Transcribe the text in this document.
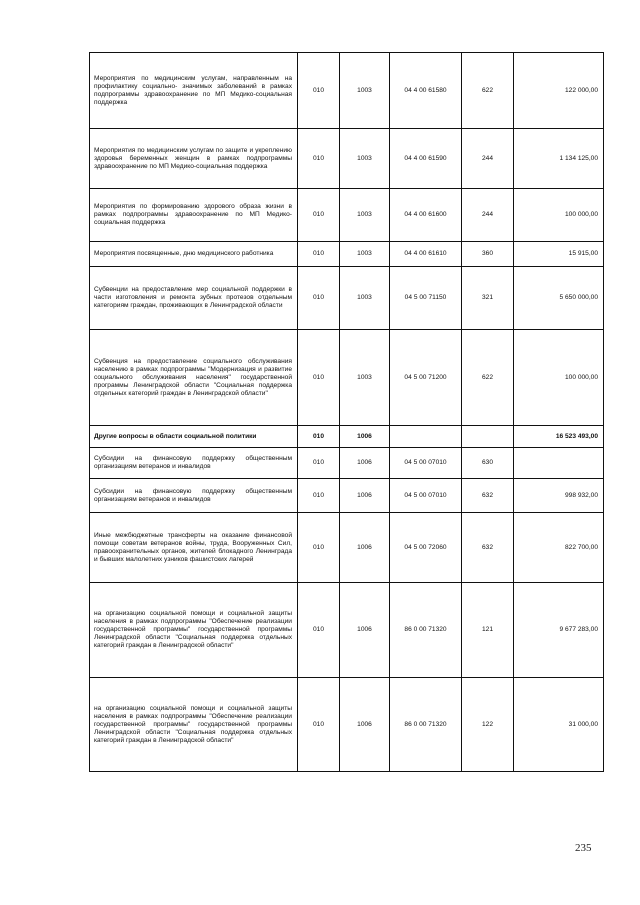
Мероприятия по медицинским услугам, направленным на профилактику социально- значимых заболеваний в рамках подпрограммы здравоохранение по МП Медико-социальная поддержка	010	1003	04 4 00 61580	622	122 000,00
Мероприятия по медицинским услугам по защите и укреплению здоровья беременных женщин в рамках подпрограммы здравоохранение по МП Медико-социальная поддержка	010	1003	04 4 00 61590	244	1 134 125,00
Мероприятия по формированию здорового образа жизни в рамках подпрограммы здравоохранение по МП Медико-социальная поддержка	010	1003	04 4 00 61600	244	100 000,00
Мероприятия посвященные, дню медицинского работника	010	1003	04 4 00 61610	360	15 915,00
Субвенции на предоставление мер социальной поддержки в части изготовления и ремонта зубных протезов отдельным категориям граждан, проживающих в Ленинградской области	010	1003	04 5 00 71150	321	5 650 000,00
Субвенция на предоставление социального обслуживания населению в рамках подпрограммы "Модернизация и развитие социального обслуживания населения" государственной программы Ленинградской области "Социальная поддержка отдельных категорий граждан в Ленинградской области"	010	1003	04 5 00 71200	622	100 000,00
Другие вопросы в области социальной политики	010	1006			16 523 493,00
Субсидии на финансовую поддержку общественным организациям ветеранов и инвалидов	010	1006	04 5 00 07010	630	
Субсидии на финансовую поддержку общественным организациям ветеранов и инвалидов	010	1006	04 5 00 07010	632	998 932,00
Иные межбюджетные трансферты на оказание финансовой помощи советам ветеранов войны, труда, Вооруженных Сил, правоохранительных органов, жителей блокадного Ленинграда и бывших малолетних узников фашистских лагерей	010	1006	04 5 00 72060	632	822 700,00
на организацию социальной помощи и социальной защиты населения в рамках подпрограммы "Обеспечение реализации государственной программы" государственной программы Ленинградской области "Социальная поддержка отдельных категорий граждан в Ленинградской области"	010	1006	86 0 00 71320	121	9 677 283,00
на организацию социальной помощи и социальной защиты населения в рамках подпрограммы "Обеспечение реализации государственной программы" государственной программы Ленинградской области "Социальная поддержка отдельных категорий граждан в Ленинградской области"	010	1006	86 0 00 71320	122	31 000,00
235
